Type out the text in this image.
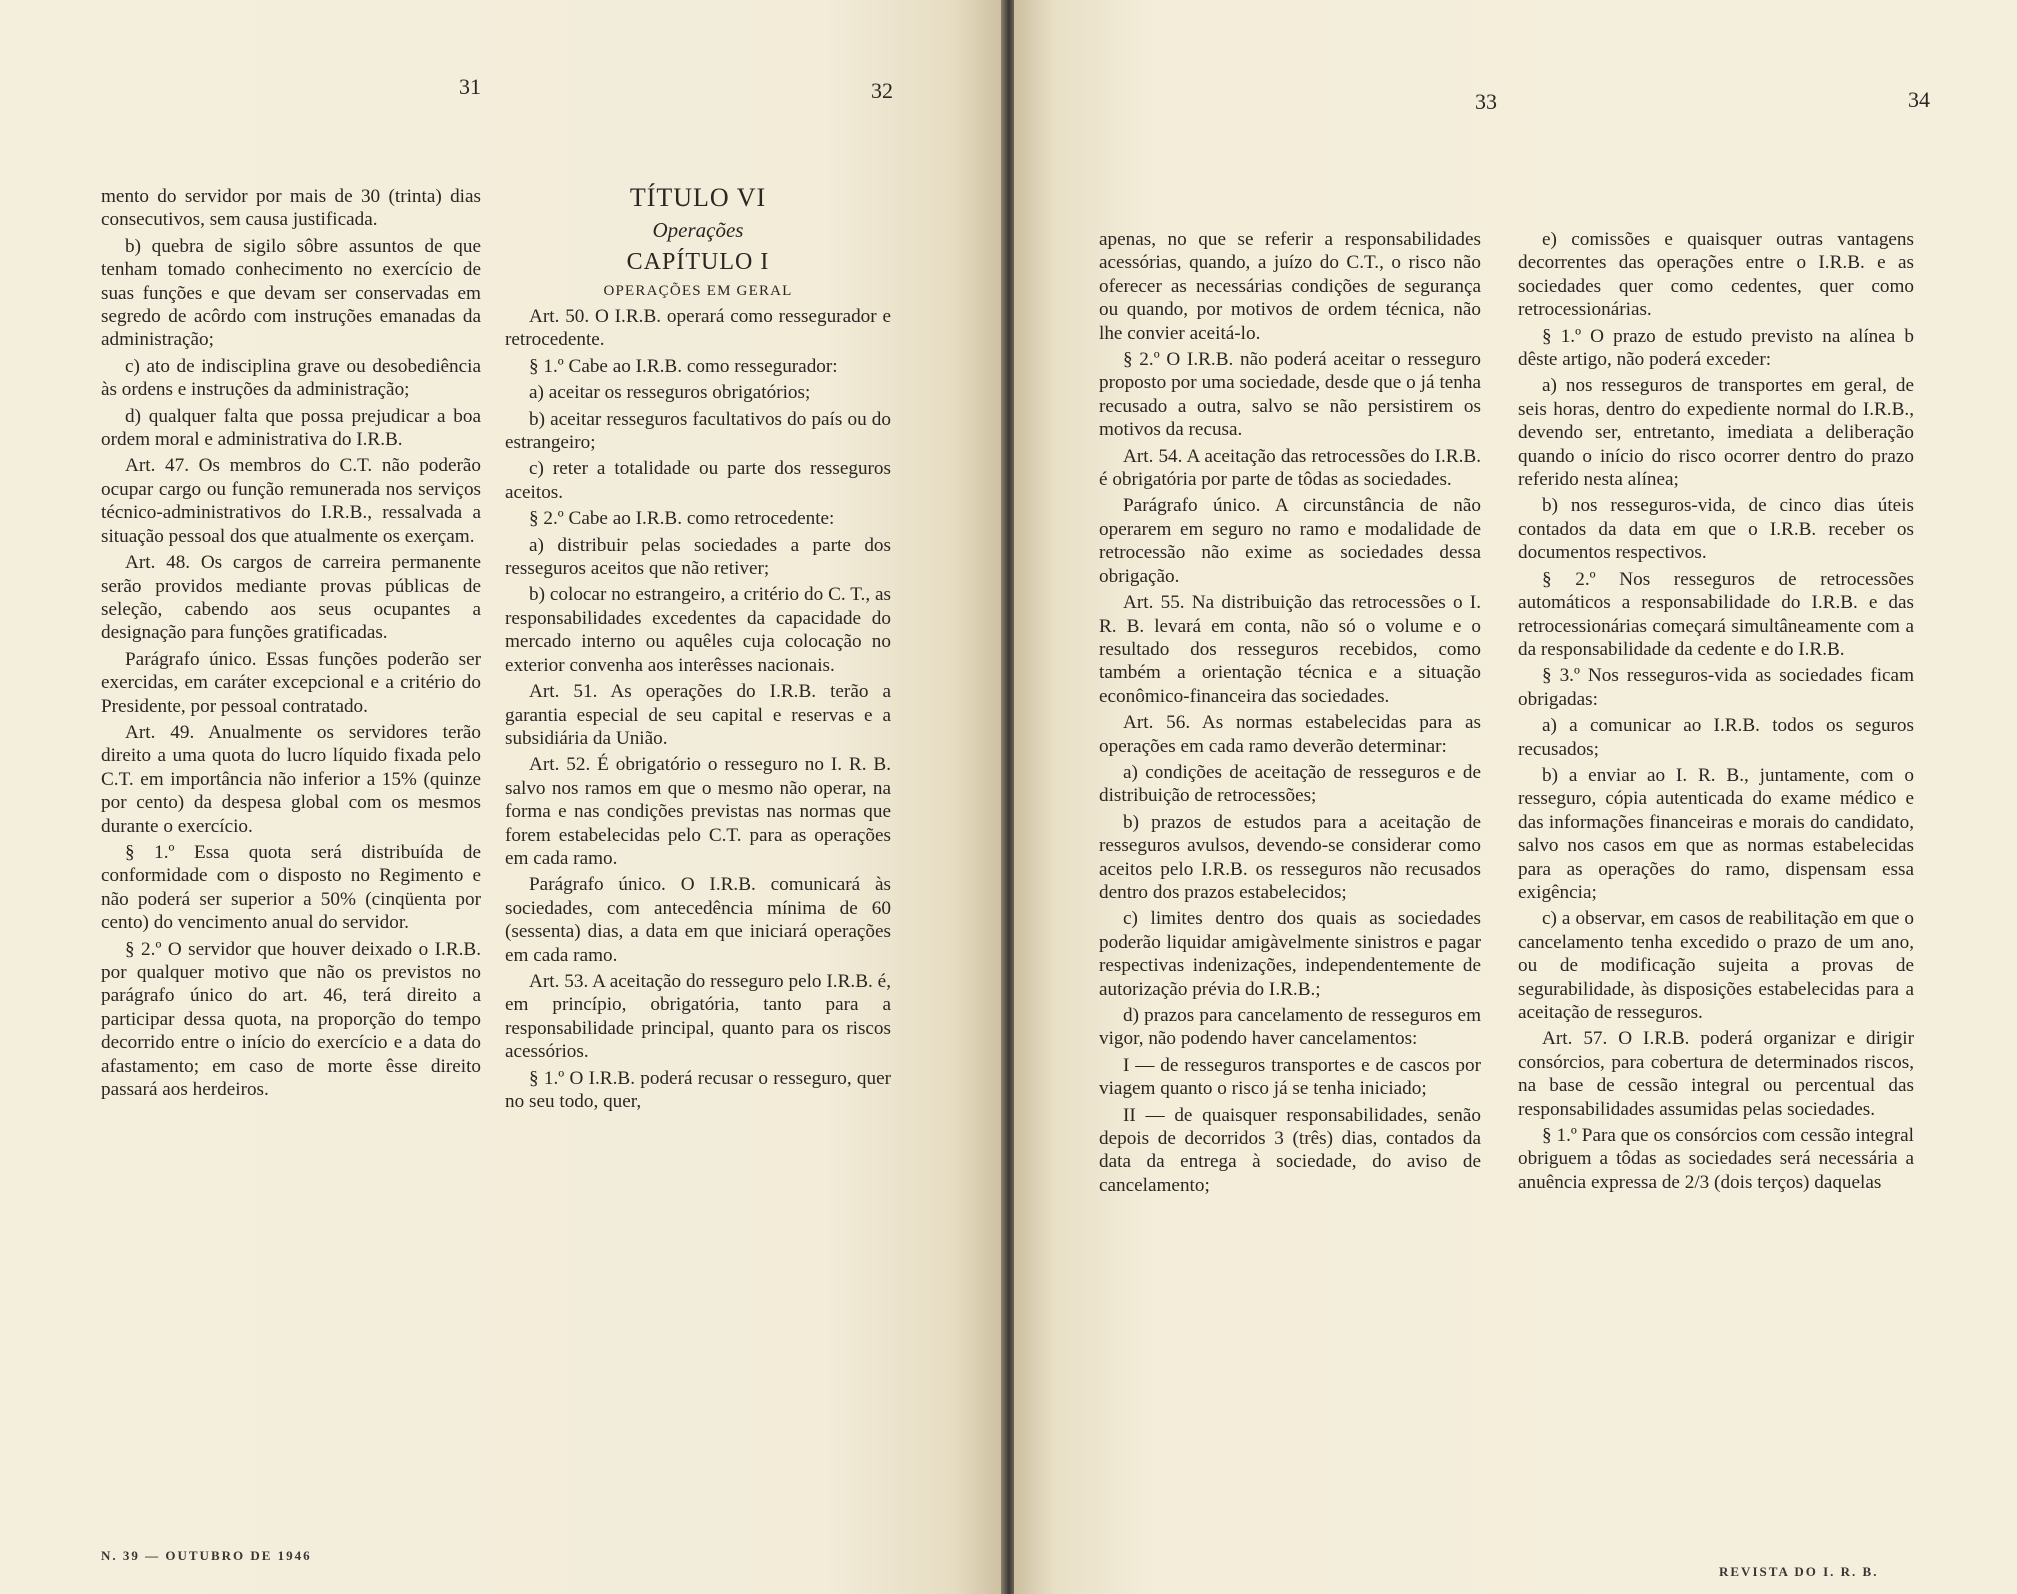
31	32

mento do servidor por mais de 30 (trinta) dias consecutivos, sem causa justificada.

b) quebra de sigilo sôbre assuntos de que tenham tomado conhecimento no exercício de suas funções e que devam ser conservadas em segredo de acôrdo com instruções emanadas da administração;

c) ato de indisciplina grave ou desobediência às ordens e instruções da administração;

d) qualquer falta que possa prejudicar a boa ordem moral e administrativa do I.R.B.

Art. 47. Os membros do C.T. não poderão ocupar cargo ou função remunerada nos serviços técnico-administrativos do I.R.B., ressalvada a situação pessoal dos que atualmente os exerçam.

Art. 48. Os cargos de carreira permanente serão providos mediante provas públicas de seleção, cabendo aos seus ocupantes a designação para funções gratificadas.

Parágrafo único. Essas funções poderão ser exercidas, em caráter excepcional e a critério do Presidente, por pessoal contratado.

Art. 49. Anualmente os servidores terão direito a uma quota do lucro líquido fixada pelo C.T. em importância não inferior a 15% (quinze por cento) da despesa global com os mesmos durante o exercício.

§ 1.º Essa quota será distribuída de conformidade com o disposto no Regimento e não poderá ser superior a 50% (cinqüenta por cento) do vencimento anual do servidor.

§ 2.º O servidor que houver deixado o I.R.B. por qualquer motivo que não os previstos no parágrafo único do art. 46, terá direito a participar dessa quota, na proporção do tempo decorrido entre o início do exercício e a data do afastamento; em caso de morte êsse direito passará aos herdeiros.

TÍTULO VI

Operações

CAPÍTULO I

OPERAÇÕES EM GERAL

Art. 50. O I.R.B. operará como ressegurador e retrocedente.

§ 1.º Cabe ao I.R.B. como ressegurador:

a) aceitar os resseguros obrigatórios;

b) aceitar resseguros facultativos do país ou do estrangeiro;

c) reter a totalidade ou parte dos resseguros aceitos.

§ 2.º Cabe ao I.R.B. como retrocedente:

a) distribuir pelas sociedades a parte dos resseguros aceitos que não retiver;

b) colocar no estrangeiro, a critério do C. T., as responsabilidades excedentes da capacidade do mercado interno ou aquêles cuja colocação no exterior convenha aos interêsses nacionais.

Art. 51. As operações do I.R.B. terão a garantia especial de seu capital e reservas e a subsidiária da União.

Art. 52. É obrigatório o resseguro no I. R. B. salvo nos ramos em que o mesmo não operar, na forma e nas condições previstas nas normas que forem estabelecidas pelo C.T. para as operações em cada ramo.

Parágrafo único. O I.R.B. comunicará às sociedades, com antecedência mínima de 60 (sessenta) dias, a data em que iniciará operações em cada ramo.

Art. 53. A aceitação do resseguro pelo I.R.B. é, em princípio, obrigatória, tanto para a responsabilidade principal, quanto para os riscos acessórios.

§ 1.º O I.R.B. poderá recusar o resseguro, quer no seu todo, quer,

N. 39 — OUTUBRO DE 1946
33	34

apenas, no que se referir a responsabilidades acessórias, quando, a juízo do C.T., o risco não oferecer as necessárias condições de segurança ou quando, por motivos de ordem técnica, não lhe convier aceitá-lo.

§ 2.º O I.R.B. não poderá aceitar o resseguro proposto por uma sociedade, desde que o já tenha recusado a outra, salvo se não persistirem os motivos da recusa.

Art. 54. A aceitação das retrocessões do I.R.B. é obrigatória por parte de tôdas as sociedades.

Parágrafo único. A circunstância de não operarem em seguro no ramo e modalidade de retrocessão não exime as sociedades dessa obrigação.

Art. 55. Na distribuição das retrocessões o I. R. B. levará em conta, não só o volume e o resultado dos resseguros recebidos, como também a orientação técnica e a situação econômico-financeira das sociedades.

Art. 56. As normas estabelecidas para as operações em cada ramo deverão determinar:

a) condições de aceitação de resseguros e de distribuição de retrocessões;

b) prazos de estudos para a aceitação de resseguros avulsos, devendo-se considerar como aceitos pelo I.R.B. os resseguros não recusados dentro dos prazos estabelecidos;

c) limites dentro dos quais as sociedades poderão liquidar amigàvelmente sinistros e pagar respectivas indenizações, independentemente de autorização prévia do I.R.B.;

d) prazos para cancelamento de resseguros em vigor, não podendo haver cancelamentos:

I — de resseguros transportes e de cascos por viagem quanto o risco já se tenha iniciado;

II — de quaisquer responsabilidades, senão depois de decorridos 3 (três) dias, contados da data da entrega à sociedade, do aviso de cancelamento;

e) comissões e quaisquer outras vantagens decorrentes das operações entre o I.R.B. e as sociedades quer como cedentes, quer como retrocessionárias.

§ 1.º O prazo de estudo previsto na alínea b dêste artigo, não poderá exceder:

a) nos resseguros de transportes em geral, de seis horas, dentro do expediente normal do I.R.B., devendo ser, entretanto, imediata a deliberação quando o início do risco ocorrer dentro do prazo referido nesta alínea;

b) nos resseguros-vida, de cinco dias úteis contados da data em que o I.R.B. receber os documentos respectivos.

§ 2.º Nos resseguros de retrocessões automáticos a responsabilidade do I.R.B. e das retrocessionárias começará simultâneamente com a da responsabilidade da cedente e do I.R.B.

§ 3.º Nos resseguros-vida as sociedades ficam obrigadas:

a) a comunicar ao I.R.B. todos os seguros recusados;

b) a enviar ao I. R. B., juntamente, com o resseguro, cópia autenticada do exame médico e das informações financeiras e morais do candidato, salvo nos casos em que as normas estabelecidas para as operações do ramo, dispensam essa exigência;

c) a observar, em casos de reabilitação em que o cancelamento tenha excedido o prazo de um ano, ou de modificação sujeita a provas de segurabilidade, às disposições estabelecidas para a aceitação de resseguros.

Art. 57. O I.R.B. poderá organizar e dirigir consórcios, para cobertura de determinados riscos, na base de cessão integral ou percentual das responsabilidades assumidas pelas sociedades.

§ 1.º Para que os consórcios com cessão integral obriguem a tôdas as sociedades será necessária a anuência expressa de 2/3 (dois terços) daquelas

REVISTA DO I. R. B.
